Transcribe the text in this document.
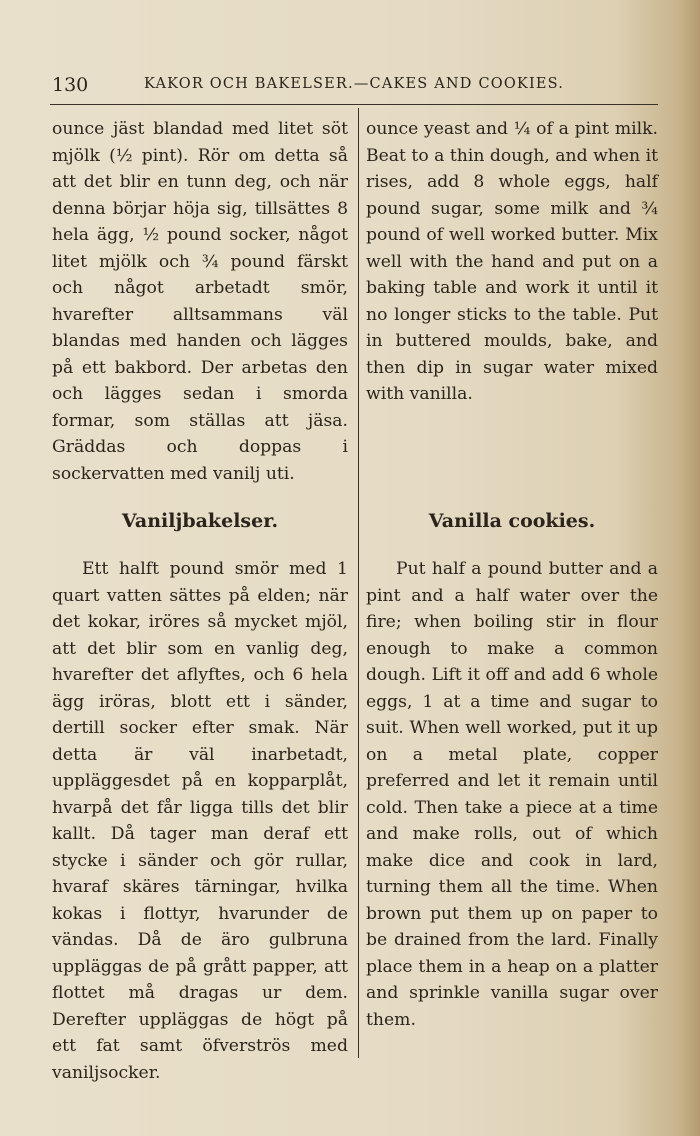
130	KAKOR OCH BAKELSER.—CAKES AND COOKIES.

ounce jäst blandad med litet söt mjölk (½ pint). Rör om detta så att det blir en tunn deg, och när denna börjar höja sig, tillsättes 8 hela ägg, ½ pound socker, något litet mjölk och ¾ pound färskt och något arbetadt smör, hvarefter alltsammans väl blandas med handen och lägges på ett bakbord. Der arbetas den och lägges sedan i smorda formar, som ställas att jäsa. Gräddas och doppas i sockervatten med vanilj uti.

ounce yeast and ¼ of a pint milk. Beat to a thin dough, and when it rises, add 8 whole eggs, half pound sugar, some milk and ¾ pound of well worked butter. Mix well with the hand and put on a baking table and work it until it no longer sticks to the table. Put in buttered moulds, bake, and then dip in sugar water mixed with vanilla.

Vaniljbakelser.	Vanilla cookies.

Ett halft pound smör med 1 quart vatten sättes på elden; när det kokar, iröres så mycket mjöl, att det blir som en vanlig deg, hvarefter det aflyftes, och 6 hela ägg iröras, blott ett i sänder, dertill socker efter smak. När detta är väl inarbetadt, uppläggesdet på en kopparplåt, hvarpå det får ligga tills det blir kallt. Då tager man deraf ett stycke i sänder och gör rullar, hvaraf skäres tärningar, hvilka kokas i flottyr, hvarunder de vändas. Då de äro gulbruna uppläggas de på grått papper, att flottet må dragas ur dem. Derefter uppläggas de högt på ett fat samt öfverströs med vaniljsocker.

Put half a pound butter and a pint and a half water over the fire; when boiling stir in flour enough to make a common dough. Lift it off and add 6 whole eggs, 1 at a time and sugar to suit. When well worked, put it up on a metal plate, copper preferred and let it remain until cold. Then take a piece at a time and make rolls, out of which make dice and cook in lard, turning them all the time. When brown put them up on paper to be drained from the lard. Finally place them in a heap on a platter and sprinkle vanilla sugar over them.
